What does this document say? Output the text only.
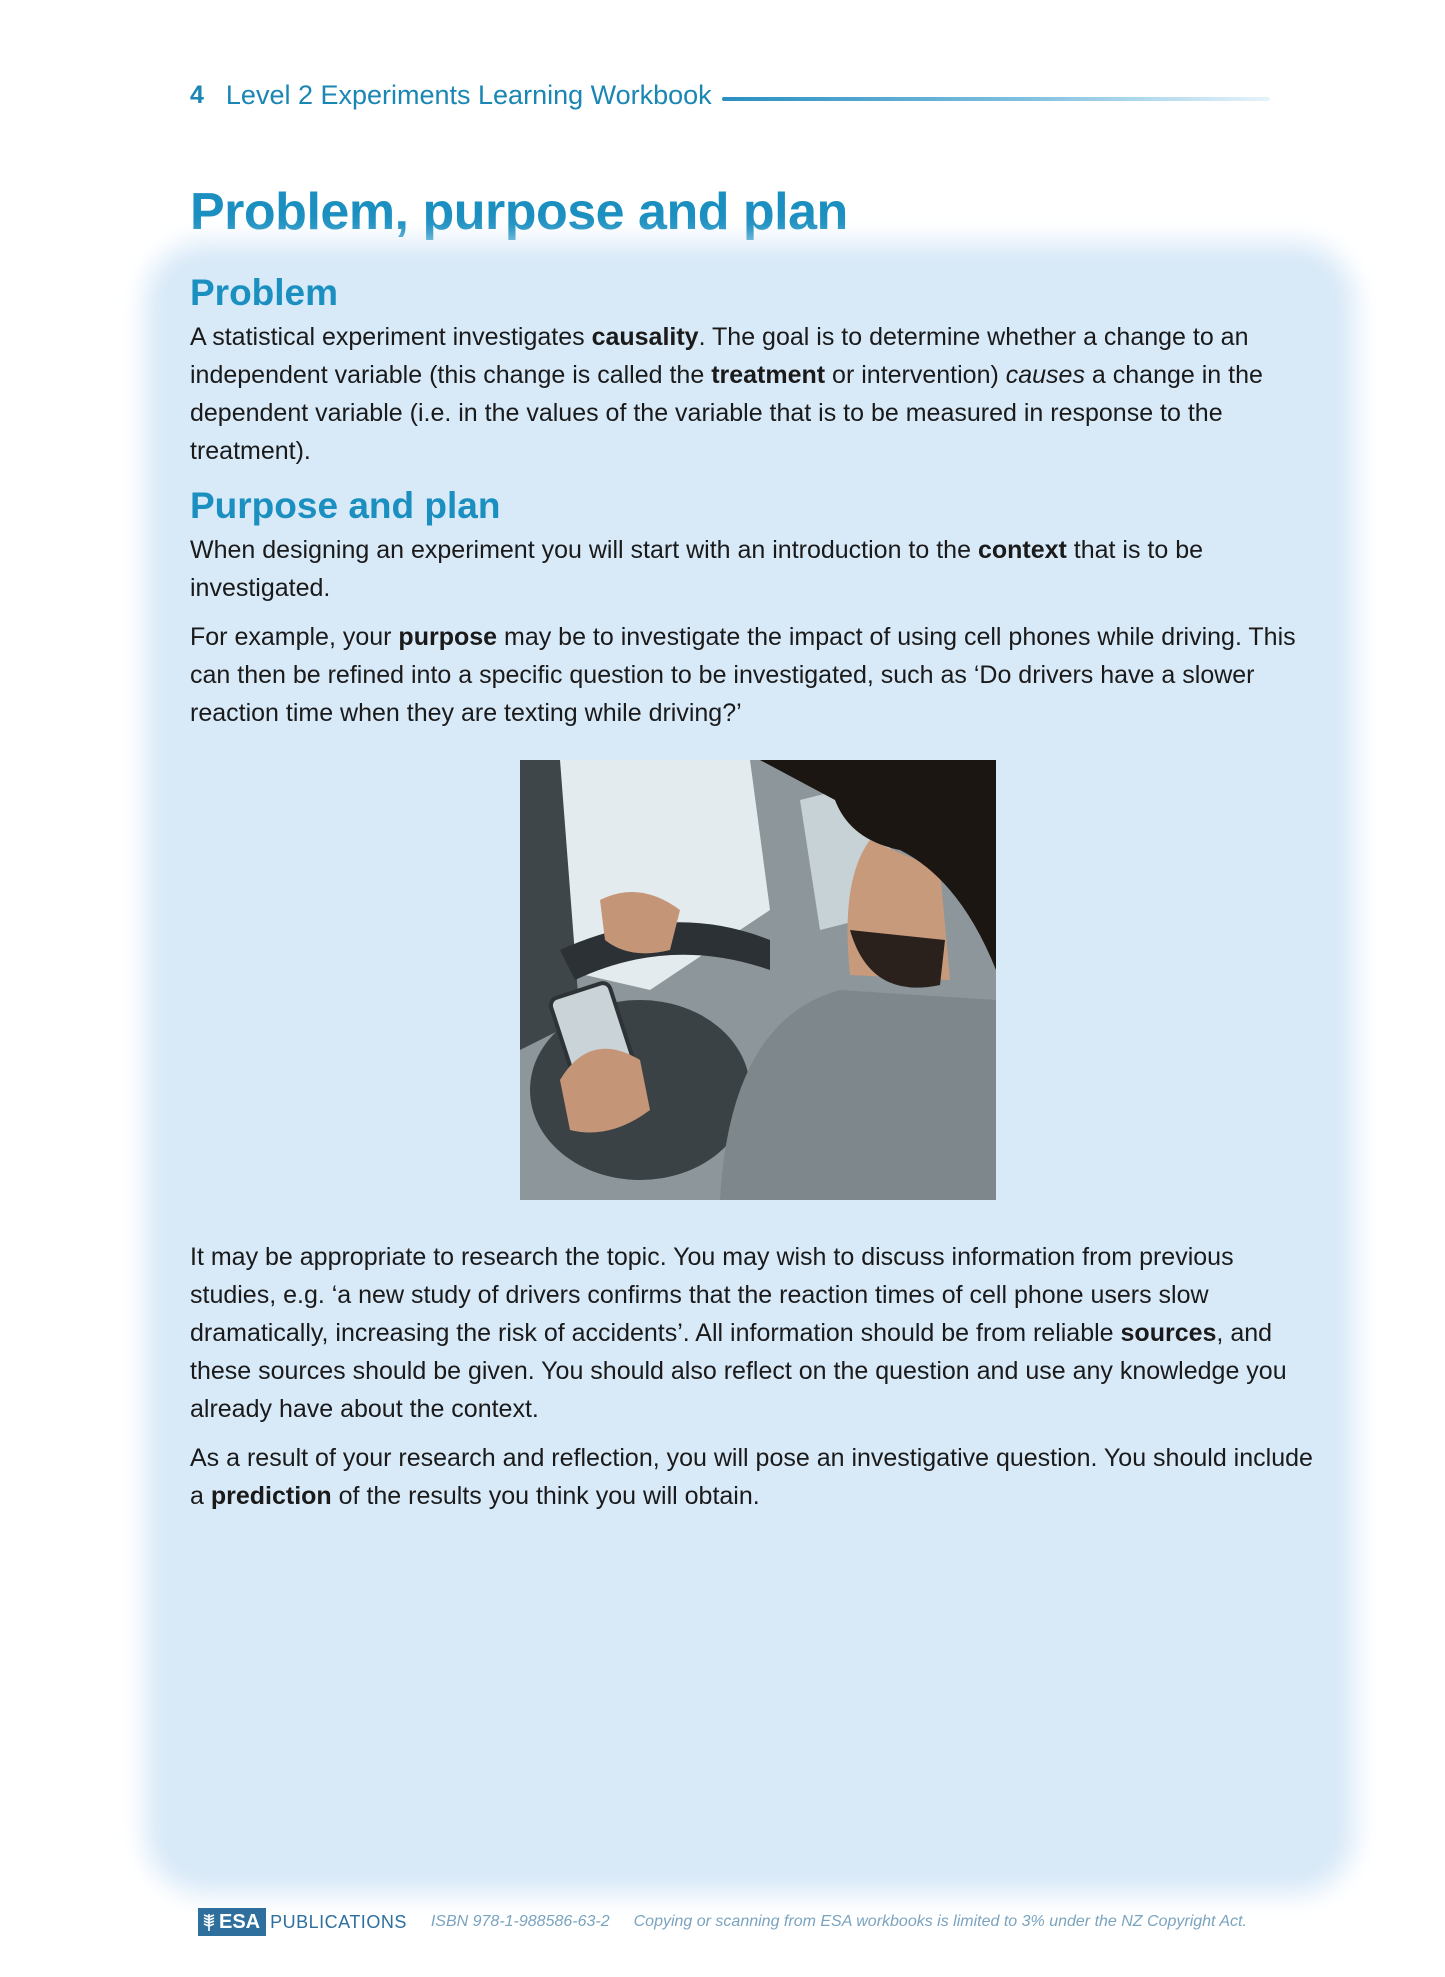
4 Level 2 Experiments Learning Workbook
Problem, purpose and plan
Problem

A statistical experiment investigates causality. The goal is to determine whether a change to an independent variable (this change is called the treatment or intervention) causes a change in the dependent variable (i.e. in the values of the variable that is to be measured in response to the treatment).

Purpose and plan

When designing an experiment you will start with an introduction to the context that is to be investigated.

For example, your purpose may be to investigate the impact of using cell phones while driving. This can then be refined into a specific question to be investigated, such as ‘Do drivers have a slower reaction time when they are texting while driving?’

It may be appropriate to research the topic. You may wish to discuss information from previous studies, e.g. ‘a new study of drivers confirms that the reaction times of cell phone users slow dramatically, increasing the risk of accidents’. All information should be from reliable sources, and these sources should be given. You should also reflect on the question and use any knowledge you already have about the context.

As a result of your research and reflection, you will pose an investigative question. You should include a prediction of the results you think you will obtain.

ESA PUBLICATIONS ISBN 978-1-988586-63-2 Copying or scanning from ESA workbooks is limited to 3% under the NZ Copyright Act.
